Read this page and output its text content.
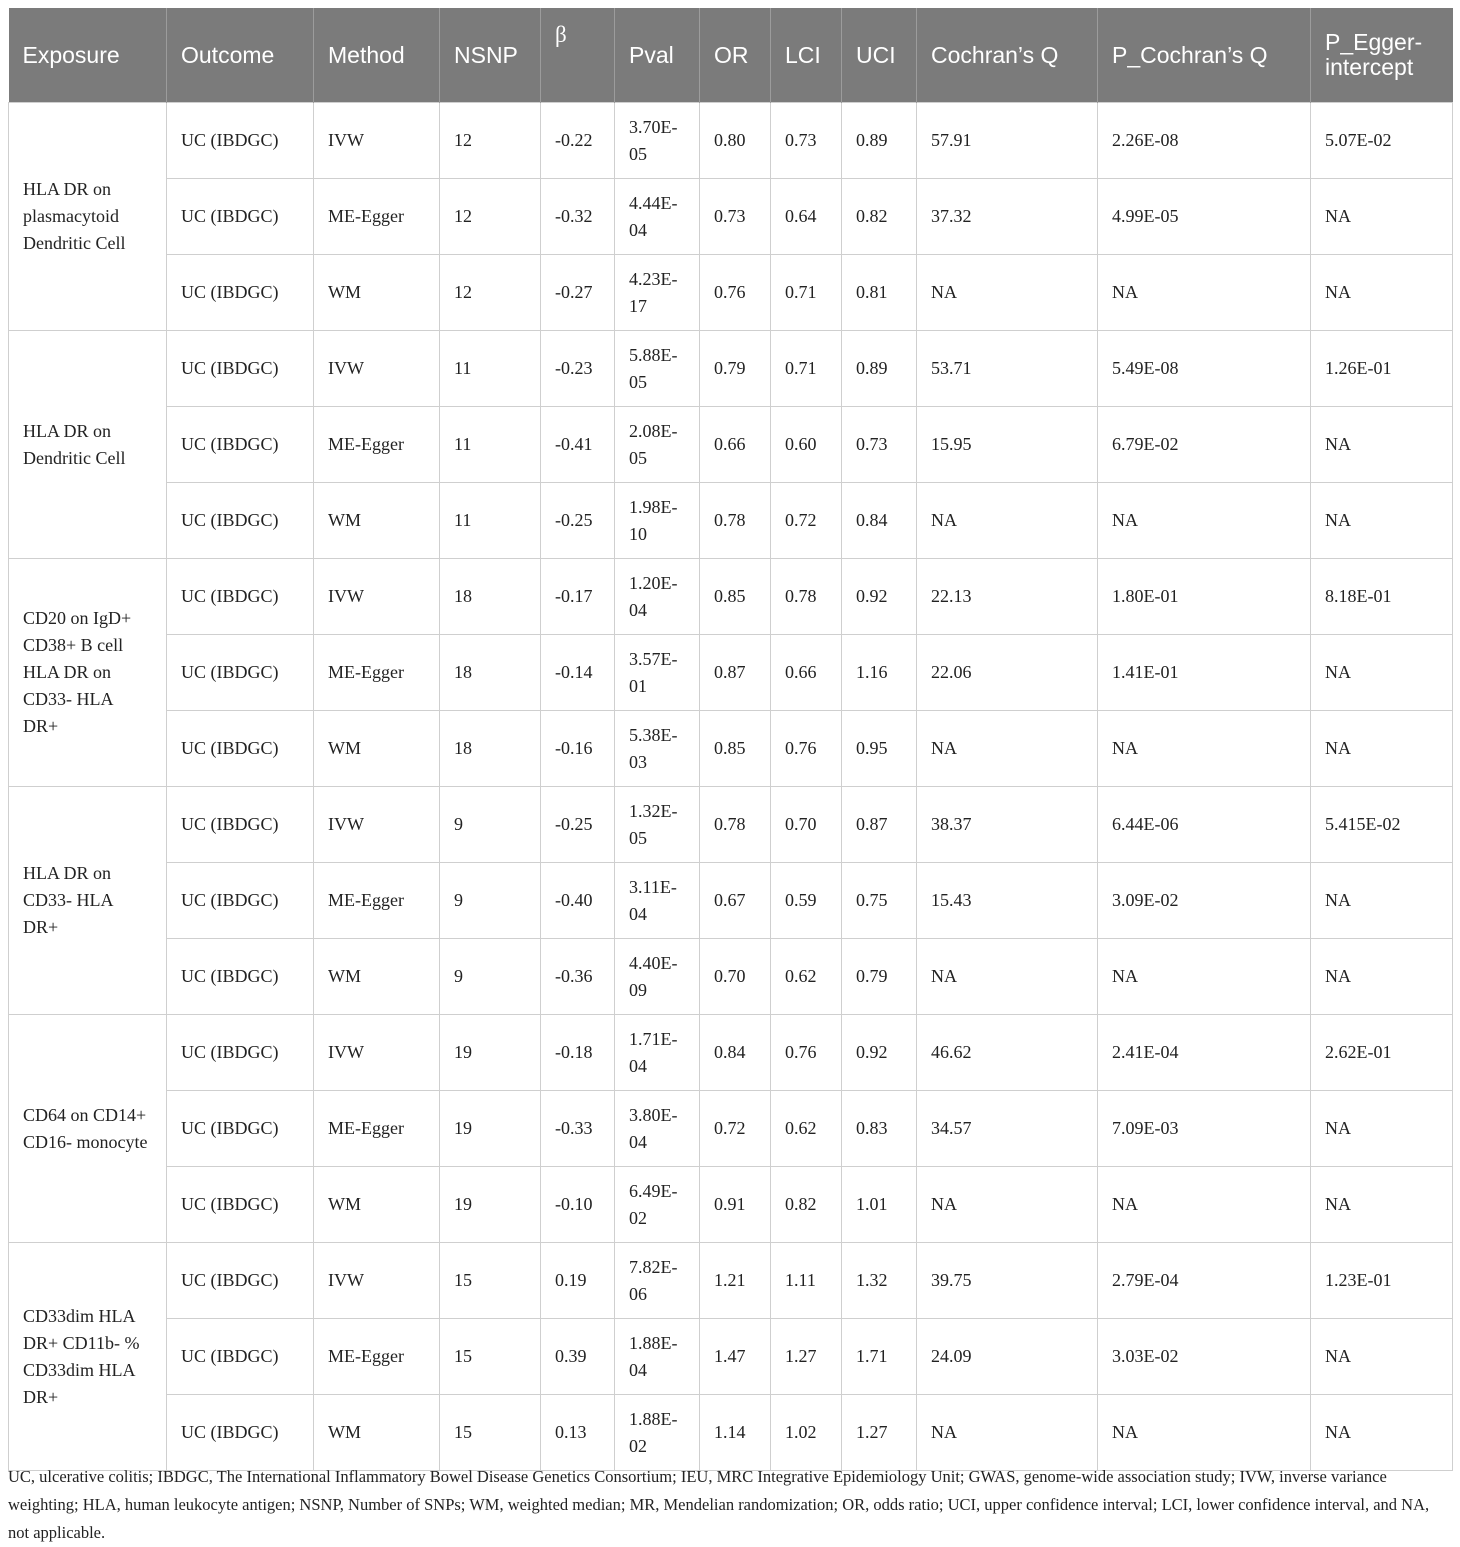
Exposure	Outcome	Method	NSNP	β	Pval	OR	LCI	UCI	Cochran’s Q	P_Cochran’s Q	P_Egger-intercept
HLA DR on plasmacytoid Dendritic Cell	UC (IBDGC)	IVW	12	-0.22	3.70E-05	0.80	0.73	0.89	57.91	2.26E-08	5.07E-02
	UC (IBDGC)	ME-Egger	12	-0.32	4.44E-04	0.73	0.64	0.82	37.32	4.99E-05	NA
	UC (IBDGC)	WM	12	-0.27	4.23E-17	0.76	0.71	0.81	NA	NA	NA
HLA DR on Dendritic Cell	UC (IBDGC)	IVW	11	-0.23	5.88E-05	0.79	0.71	0.89	53.71	5.49E-08	1.26E-01
	UC (IBDGC)	ME-Egger	11	-0.41	2.08E-05	0.66	0.60	0.73	15.95	6.79E-02	NA
	UC (IBDGC)	WM	11	-0.25	1.98E-10	0.78	0.72	0.84	NA	NA	NA
CD20 on IgD+ CD38+ B cell HLA DR on CD33- HLA DR+	UC (IBDGC)	IVW	18	-0.17	1.20E-04	0.85	0.78	0.92	22.13	1.80E-01	8.18E-01
	UC (IBDGC)	ME-Egger	18	-0.14	3.57E-01	0.87	0.66	1.16	22.06	1.41E-01	NA
	UC (IBDGC)	WM	18	-0.16	5.38E-03	0.85	0.76	0.95	NA	NA	NA
HLA DR on CD33- HLA DR+	UC (IBDGC)	IVW	9	-0.25	1.32E-05	0.78	0.70	0.87	38.37	6.44E-06	5.415E-02
	UC (IBDGC)	ME-Egger	9	-0.40	3.11E-04	0.67	0.59	0.75	15.43	3.09E-02	NA
	UC (IBDGC)	WM	9	-0.36	4.40E-09	0.70	0.62	0.79	NA	NA	NA
CD64 on CD14+ CD16- monocyte	UC (IBDGC)	IVW	19	-0.18	1.71E-04	0.84	0.76	0.92	46.62	2.41E-04	2.62E-01
	UC (IBDGC)	ME-Egger	19	-0.33	3.80E-04	0.72	0.62	0.83	34.57	7.09E-03	NA
	UC (IBDGC)	WM	19	-0.10	6.49E-02	0.91	0.82	1.01	NA	NA	NA
CD33dim HLA DR+ CD11b- % CD33dim HLA DR+	UC (IBDGC)	IVW	15	0.19	7.82E-06	1.21	1.11	1.32	39.75	2.79E-04	1.23E-01
	UC (IBDGC)	ME-Egger	15	0.39	1.88E-04	1.47	1.27	1.71	24.09	3.03E-02	NA
	UC (IBDGC)	WM	15	0.13	1.88E-02	1.14	1.02	1.27	NA	NA	NA
UC, ulcerative colitis; IBDGC, The International Inflammatory Bowel Disease Genetics Consortium; IEU, MRC Integrative Epidemiology Unit; GWAS, genome-wide association study; IVW, inverse variance weighting; HLA, human leukocyte antigen; NSNP, Number of SNPs; WM, weighted median; MR, Mendelian randomization; OR, odds ratio; UCI, upper confidence interval; LCI, lower confidence interval, and NA, not applicable.
